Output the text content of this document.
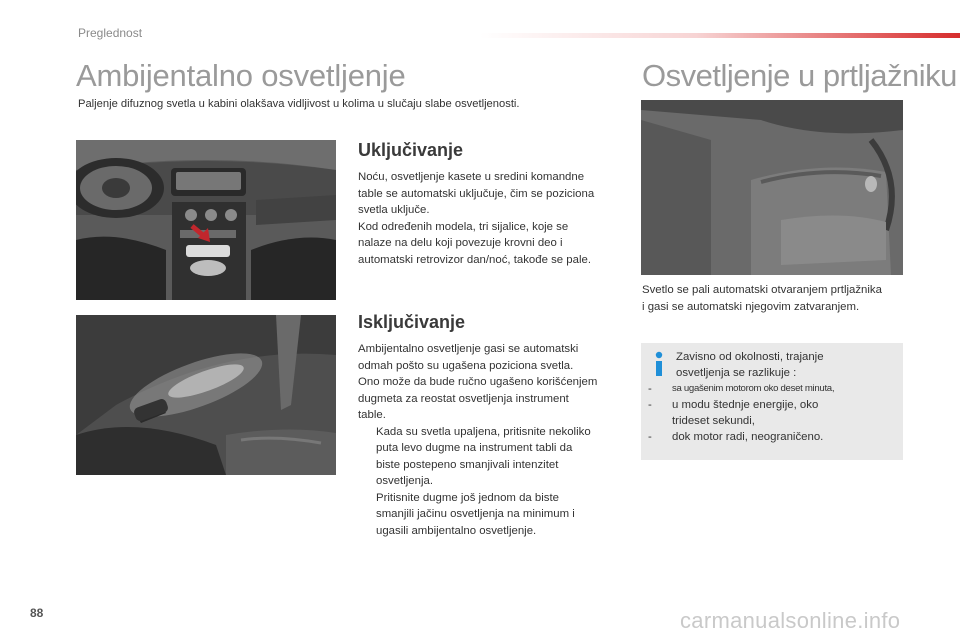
Preglednost
Ambijentalno osvetljenje	Osvetljenje u prtljažniku
Paljenje difuznog svetla u kabini olakšava vidljivost u kolima u slučaju slabe osvetljenosti.
Uključivanje
Noću, osvetljenje kasete u sredini komandne
table se automatski uključuje, čim se poziciona
svetla uključe.
Kod određenih modela, tri sijalice, koje se
nalaze na delu koji povezuje krovni deo i
automatski retrovizor dan/noć, takođe se pale.
Isključivanje
Ambijentalno osvetljenje gasi se automatski
odmah pošto su ugašena poziciona svetla.
Ono može da bude ručno ugašeno korišćenjem
dugmeta za reostat osvetljenja instrument
table.
Kada su svetla upaljena, pritisnite nekoliko
puta levo dugme na instrument tabli da
biste postepeno smanjivali intenzitet
osvetljenja.
Pritisnite dugme još jednom da biste
smanjili jačinu osvetljenja na minimum i
ugasili ambijentalno osvetljenje.
Svetlo se pali automatski otvaranjem prtljažnika
i gasi se automatski njegovim zatvaranjem.
Zavisno od okolnosti, trajanje
osvetljenja se razlikuje :
-	sa ugašenim motorom oko deset minuta,
-	u modu štednje energije, oko
trideset sekundi,
-	dok motor radi, neograničeno.
88	carmanualsonline.info
